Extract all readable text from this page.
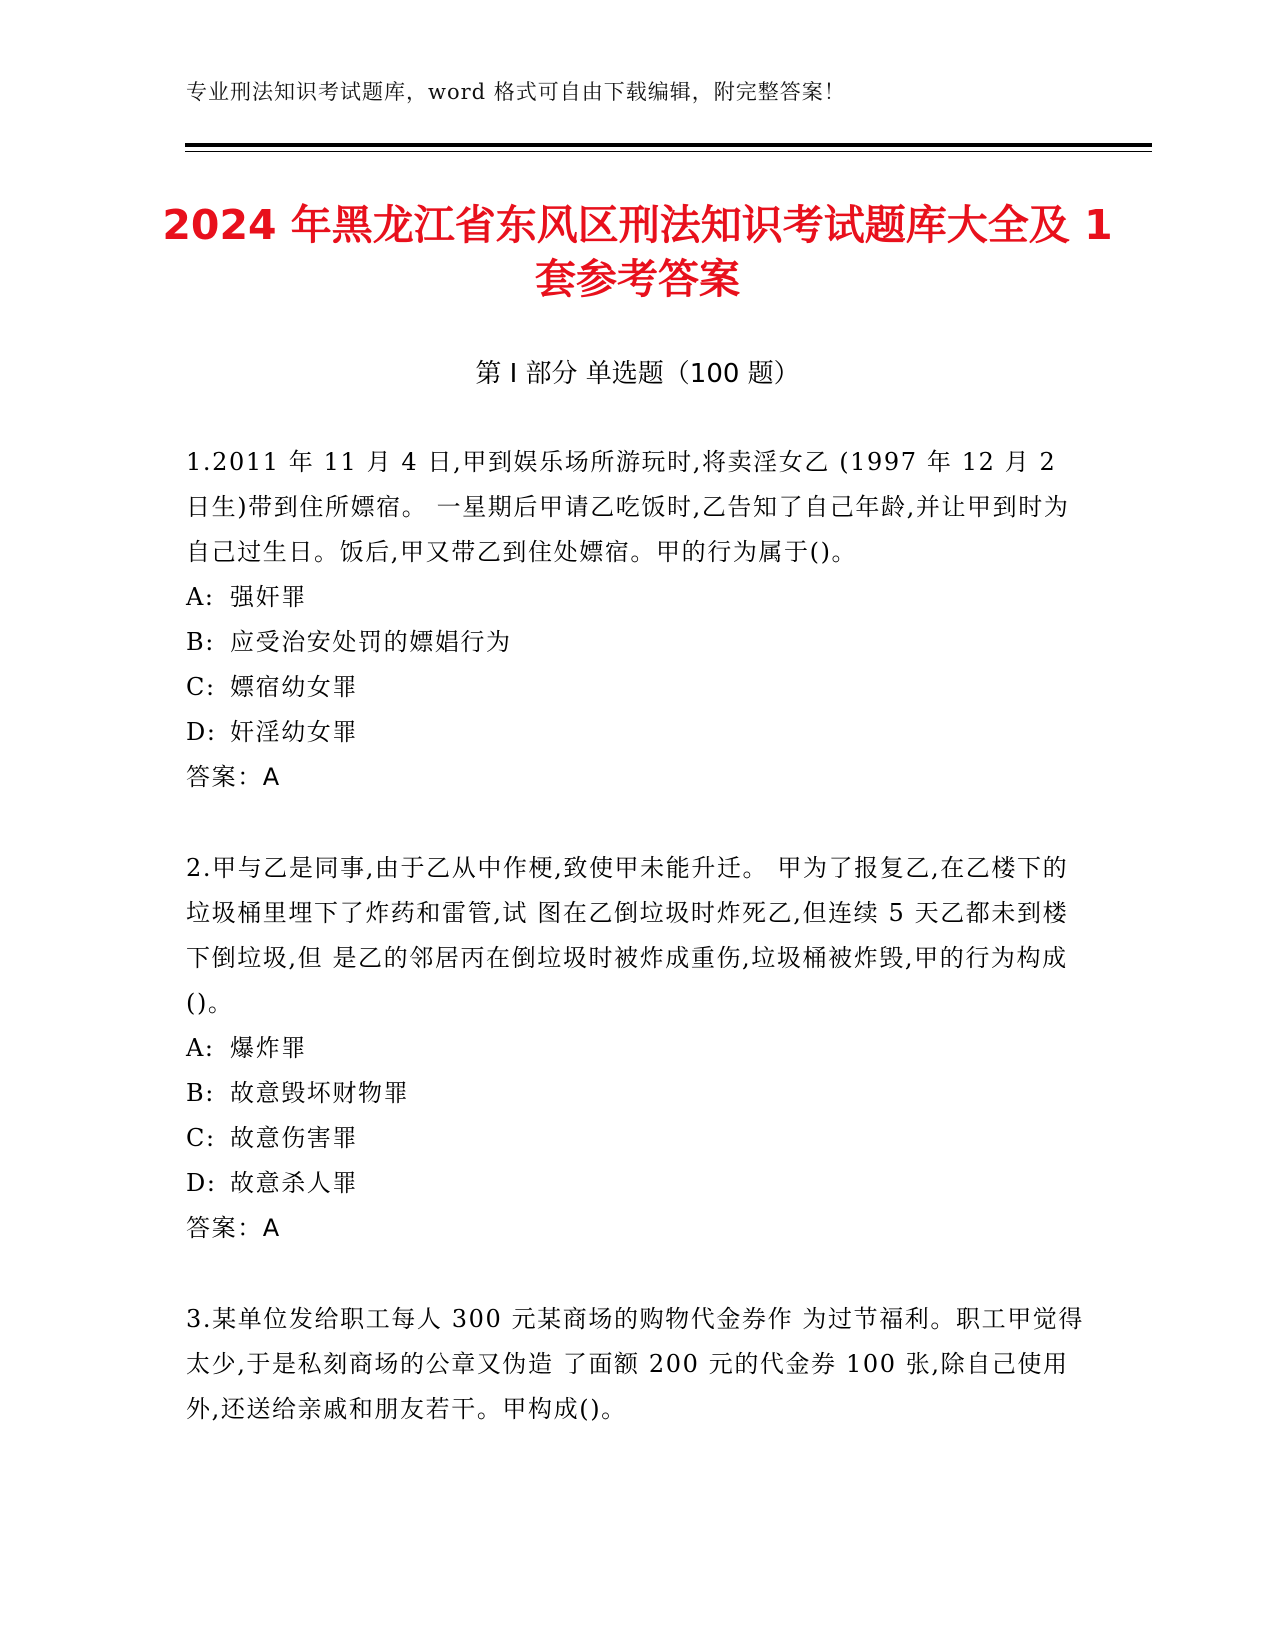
专业刑法知识考试题库，word 格式可自由下载编辑，附完整答案！
2024 年黑龙江省东风区刑法知识考试题库大全及 1 套参考答案
第 I 部分 单选题（100 题）

1.2011 年 11 月 4 日,甲到娱乐场所游玩时,将卖淫女乙 (1997 年 12 月 2 日生)带到住所嫖宿。 一星期后甲请乙吃饭时,乙告知了自己年龄,并让甲到时为自己过生日。饭后,甲又带乙到住处嫖宿。甲的行为属于()。

A: 强奸罪

B: 应受治安处罚的嫖娼行为

C: 嫖宿幼女罪

D: 奸淫幼女罪

答案：A

2.甲与乙是同事,由于乙从中作梗,致使甲未能升迁。 甲为了报复乙,在乙楼下的垃圾桶里埋下了炸药和雷管,试 图在乙倒垃圾时炸死乙,但连续 5 天乙都未到楼下倒垃圾,但 是乙的邻居丙在倒垃圾时被炸成重伤,垃圾桶被炸毁,甲的行为构成()。

A: 爆炸罪

B: 故意毁坏财物罪

C: 故意伤害罪

D: 故意杀人罪

答案：A

3.某单位发给职工每人 300 元某商场的购物代金券作 为过节福利。职工甲觉得太少,于是私刻商场的公章又伪造 了面额 200 元的代金券 100 张,除自己使用外,还送给亲戚和朋友若干。甲构成()。
